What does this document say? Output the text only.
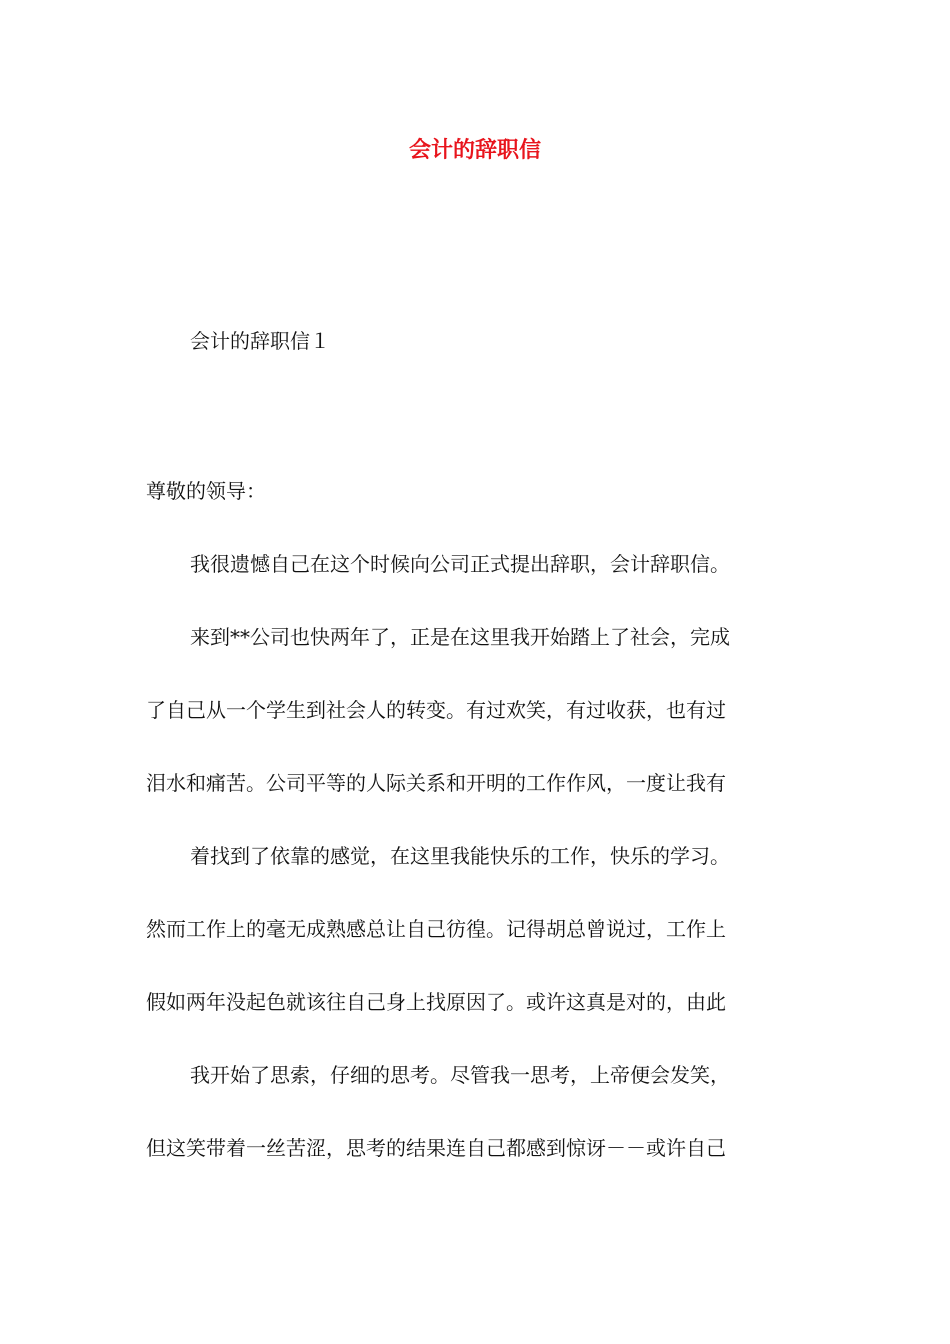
会计的辞职信

会计的辞职信１

尊敬的领导：

我很遗憾自己在这个时候向公司正式提出辞职，会计辞职信。

来到**公司也快两年了，正是在这里我开始踏上了社会，完成

了自己从一个学生到社会人的转变。有过欢笑，有过收获，也有过

泪水和痛苦。公司平等的人际关系和开明的工作作风，一度让我有

着找到了依靠的感觉，在这里我能快乐的工作，快乐的学习。

然而工作上的毫无成熟感总让自己彷徨。记得胡总曾说过，工作上

假如两年没起色就该往自己身上找原因了。或许这真是对的，由此

我开始了思索，仔细的思考。尽管我一思考，上帝便会发笑，

但这笑带着一丝苦涩，思考的结果连自己都感到惊讶－－或许自己
